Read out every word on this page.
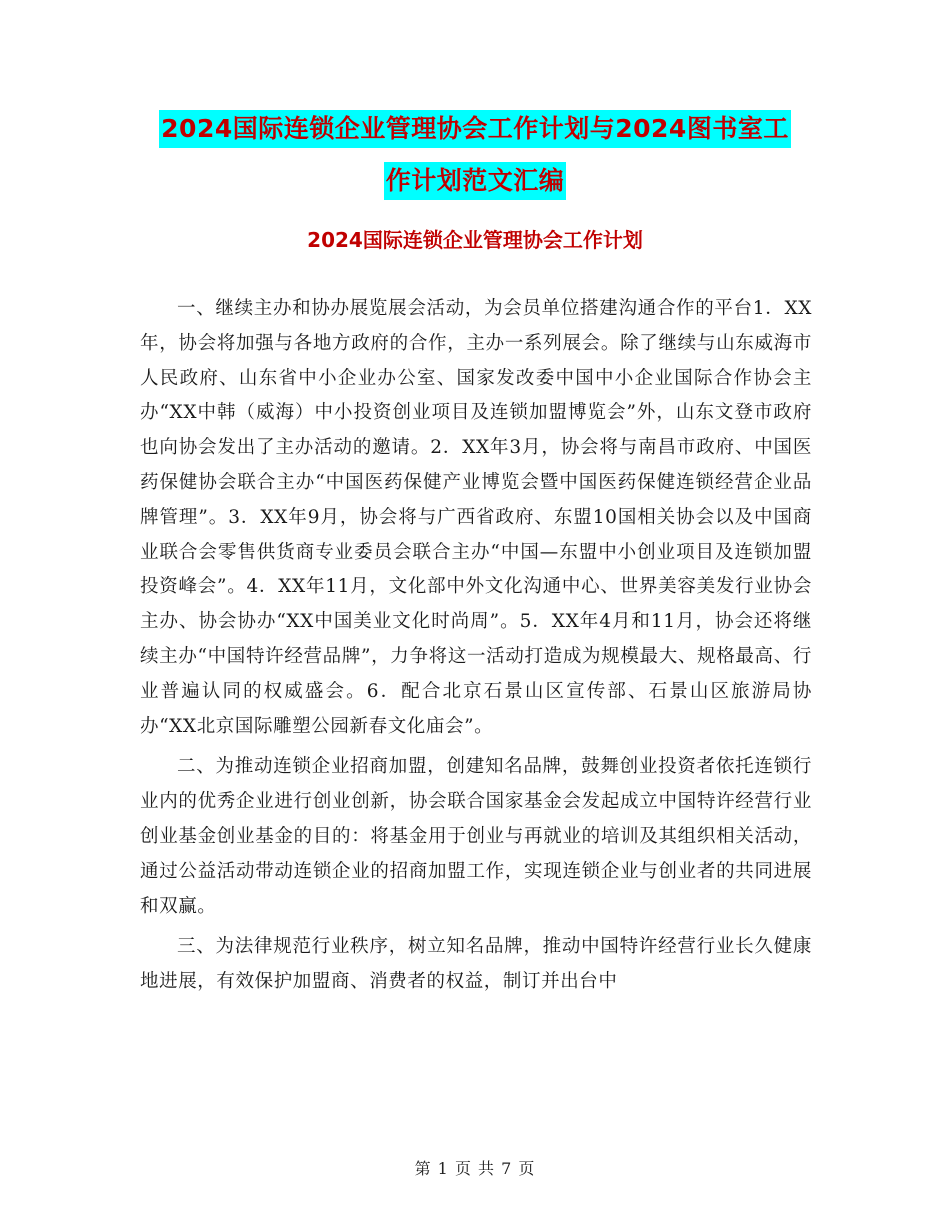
2024国际连锁企业管理协会工作计划与2024图书室工
作计划范文汇编
2024国际连锁企业管理协会工作计划

一、继续主办和协办展览展会活动，为会员单位搭建沟通合作的平台1．XX年，协会将加强与各地方政府的合作，主办一系列展会。除了继续与山东威海市人民政府、山东省中小企业办公室、国家发改委中国中小企业国际合作协会主办“XX中韩（威海）中小投资创业项目及连锁加盟博览会”外，山东文登市政府也向协会发出了主办活动的邀请。2．XX年3月，协会将与南昌市政府、中国医药保健协会联合主办“中国医药保健产业博览会暨中国医药保健连锁经营企业品牌管理”。3．XX年9月，协会将与广西省政府、东盟10国相关协会以及中国商业联合会零售供货商专业委员会联合主办“中国—东盟中小创业项目及连锁加盟投资峰会”。4．XX年11月，文化部中外文化沟通中心、世界美容美发行业协会主办、协会协办“XX中国美业文化时尚周”。5．XX年4月和11月，协会还将继续主办“中国特许经营品牌”，力争将这一活动打造成为规模最大、规格最高、行业普遍认同的权威盛会。6．配合北京石景山区宣传部、石景山区旅游局协办“XX北京国际雕塑公园新春文化庙会”。

二、为推动连锁企业招商加盟，创建知名品牌，鼓舞创业投资者依托连锁行业内的优秀企业进行创业创新，协会联合国家基金会发起成立中国特许经营行业创业基金创业基金的目的：将基金用于创业与再就业的培训及其组织相关活动，通过公益活动带动连锁企业的招商加盟工作，实现连锁企业与创业者的共同进展和双赢。

三、为法律规范行业秩序，树立知名品牌，推动中国特许经营行业长久健康地进展，有效保护加盟商、消费者的权益，制订并出台中

第 1 页 共 7 页
